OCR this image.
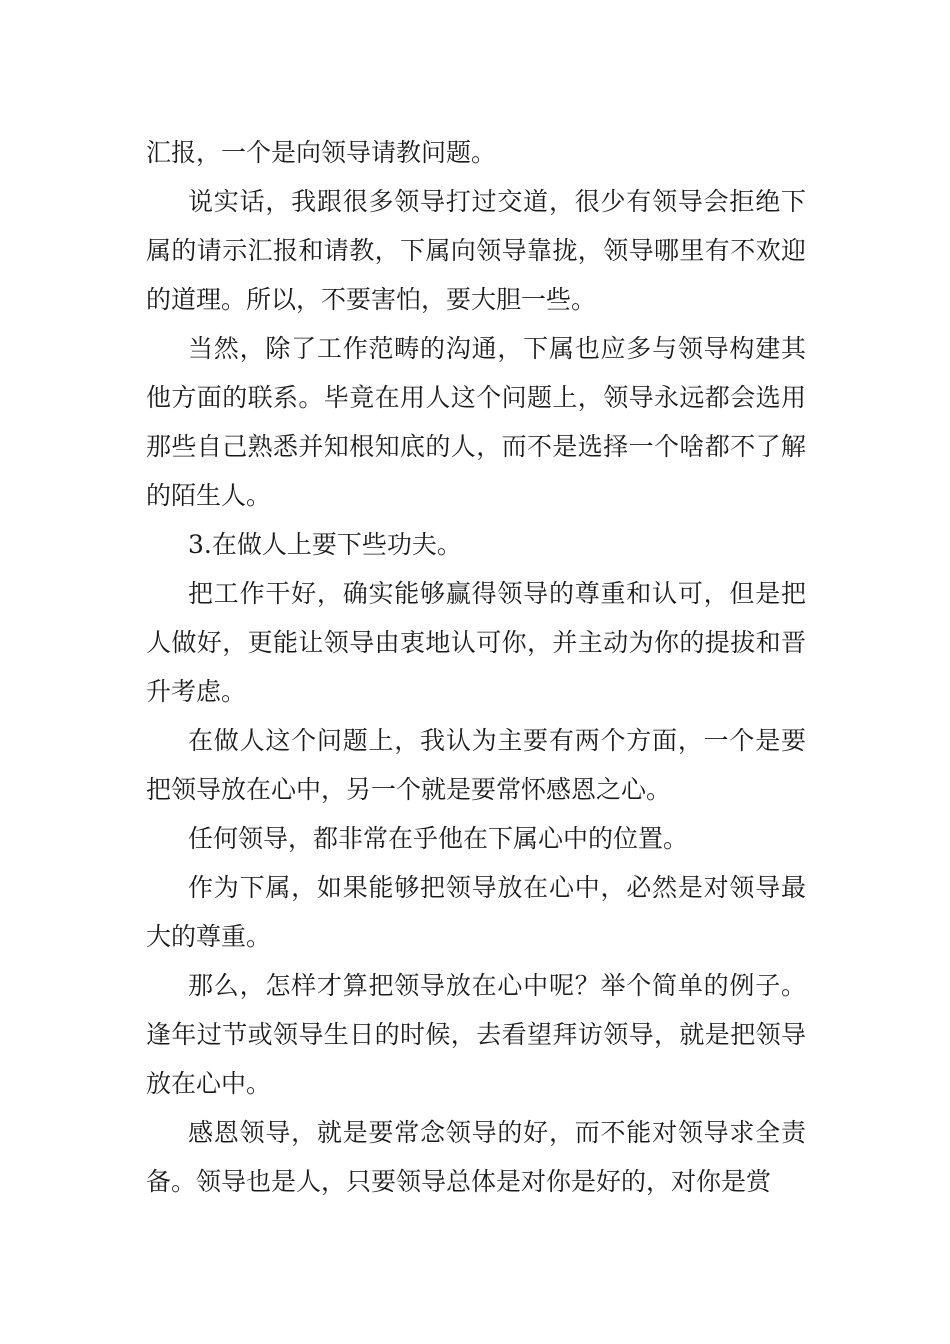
汇报，一个是向领导请教问题。

说实话，我跟很多领导打过交道，很少有领导会拒绝下属的请示汇报和请教，下属向领导靠拢，领导哪里有不欢迎的道理。所以，不要害怕，要大胆一些。

当然，除了工作范畴的沟通，下属也应多与领导构建其他方面的联系。毕竟在用人这个问题上，领导永远都会选用那些自己熟悉并知根知底的人，而不是选择一个啥都不了解的陌生人。

3.在做人上要下些功夫。

把工作干好，确实能够赢得领导的尊重和认可，但是把人做好，更能让领导由衷地认可你，并主动为你的提拔和晋升考虑。

在做人这个问题上，我认为主要有两个方面，一个是要把领导放在心中，另一个就是要常怀感恩之心。

任何领导，都非常在乎他在下属心中的位置。

作为下属，如果能够把领导放在心中，必然是对领导最大的尊重。

那么，怎样才算把领导放在心中呢？举个简单的例子。逢年过节或领导生日的时候，去看望拜访领导，就是把领导放在心中。

感恩领导，就是要常念领导的好，而不能对领导求全责备。领导也是人，只要领导总体是对你是好的，对你是赏
